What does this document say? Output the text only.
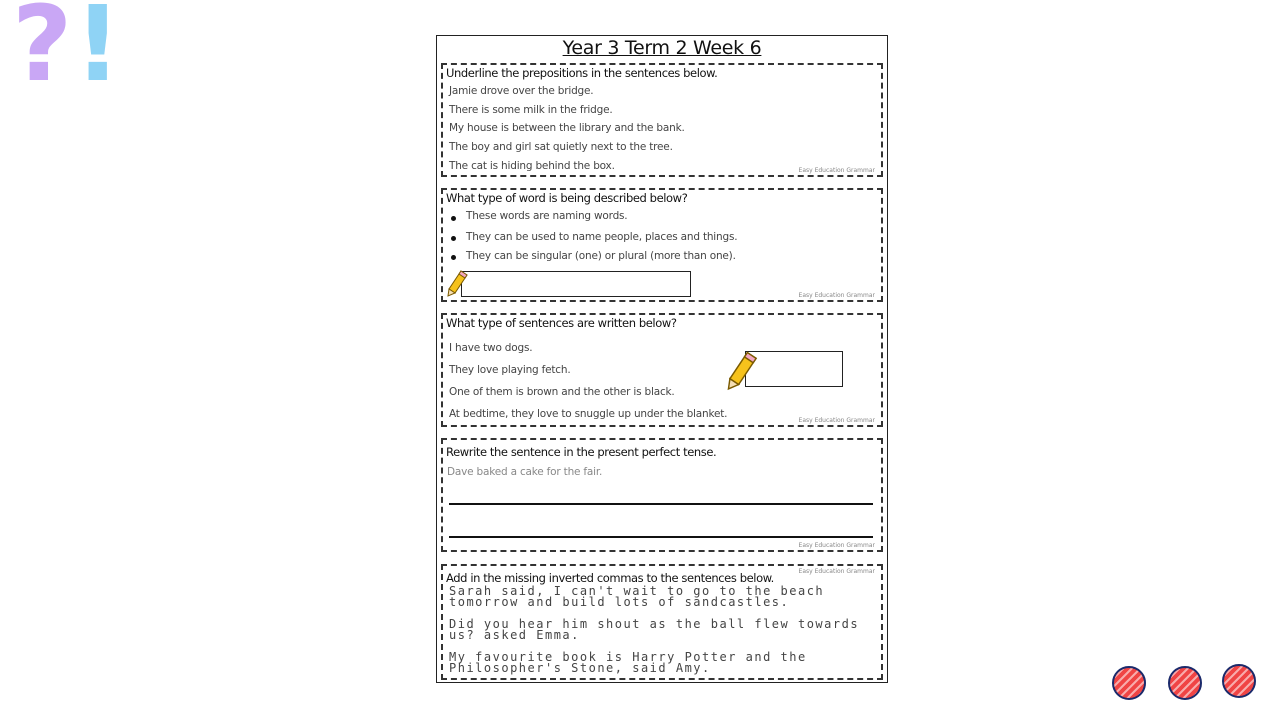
? !	Year 3 Term 2 Week 6
Underline the prepositions in the sentences below.
Jamie drove over the bridge.
There is some milk in the fridge.
My house is between the library and the bank.
The boy and girl sat quietly next to the tree.
The cat is hiding behind the box.	Easy Education Grammar
What type of word is being described below?
These words are naming words.
They can be used to name people, places and things.
They can be singular (one) or plural (more than one).
Easy Education Grammar
What type of sentences are written below?
I have two dogs.
They love playing fetch.
One of them is brown and the other is black.
At bedtime, they love to snuggle up under the blanket.
Easy Education Grammar
Rewrite the sentence in the present perfect tense.
Dave baked a cake for the fair.
Easy Education Grammar
Easy Education Grammar
Add in the missing inverted commas to the sentences below.
Sarah said, I can't wait to go to the beach tomorrow and build lots of sandcastles.
Did you hear him shout as the ball flew towards us? asked Emma.
My favourite book is Harry Potter and the Philosopher's Stone, said Amy.
